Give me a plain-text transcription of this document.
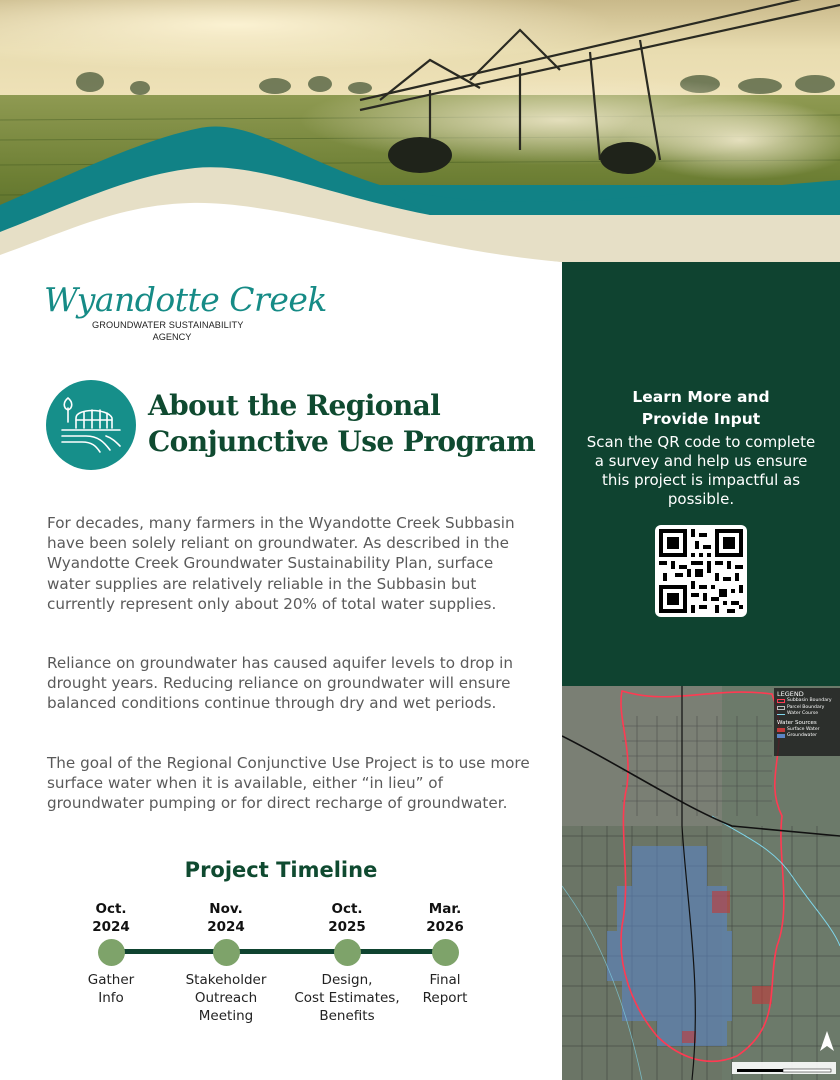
Learn More and
Provide Input
Scan the QR code to complete a survey and help us ensure this project is impactful as possible.
LEGEND
Subbasin Boundary
Parcel Boundary
Water Course
Water Sources
Surface Water
Groundwater
Wyandotte Creek
GROUNDWATER SUSTAINABILITY
AGENCY
About the Regional Conjunctive Use Program
For decades, many farmers in the Wyandotte Creek Subbasin have been solely reliant on groundwater. As described in the Wyandotte Creek Groundwater Sustainability Plan, surface water supplies are relatively reliable in the Subbasin but currently represent only about 20% of total water supplies.
Reliance on groundwater has caused aquifer levels to drop in drought years. Reducing reliance on groundwater will ensure balanced conditions continue through dry and wet periods.
The goal of the Regional Conjunctive Use Project is to use more surface water when it is available, either “in lieu” of groundwater pumping or for direct recharge of groundwater.
Project Timeline
Oct.
2024
Gather
Info
Nov.
2024
Stakeholder
Outreach
Meeting
Oct.
2025
Design,
Cost Estimates,
Benefits
Mar.
2026
Final
Report
